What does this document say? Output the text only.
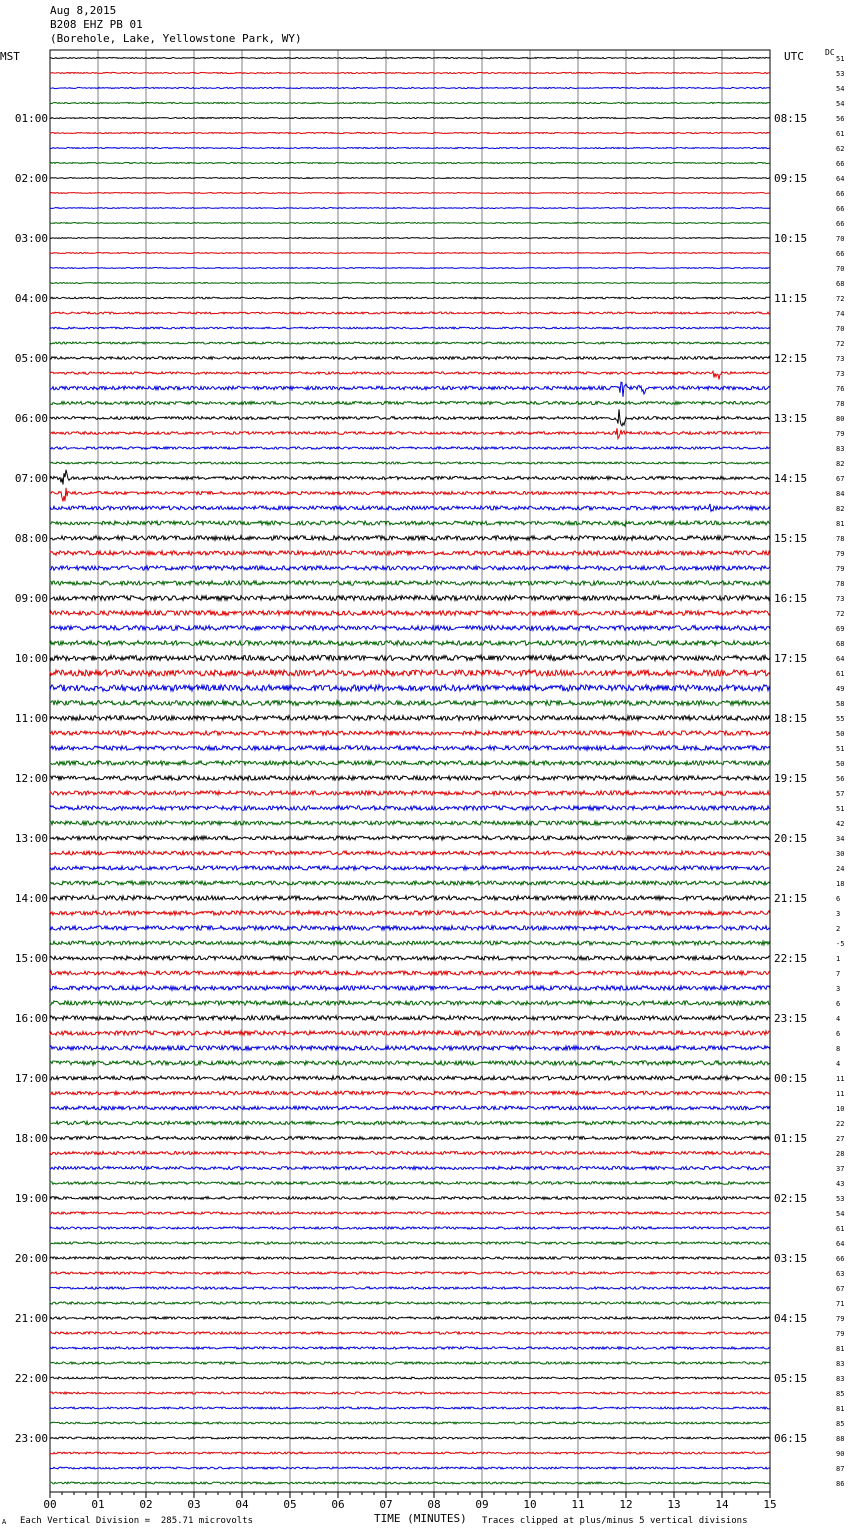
Aug 8,2015
B208 EHZ PB 01
(Borehole, Lake, Yellowstone Park, WY)
MST	UTC	DC
51
53
54
54
56
61
62
66
64
66
66
66
70
66
70
68
72
74
70
72
73
73
76
78
80
79
83
82
67
84
82
81
78
79
79
78
73
72
69
68
64
61
49
58
55
50
51
50
56
57
51
42
34
30
24
18
6
3
2
-5
1
7
3
6
4
6
8
4
11
11
10
22
27
28
37
43
53
54
61
64
66
63
67
71
79
79
81
83
83
85
81
85
88
90
87
86
01:00	08:15
02:00	09:15
03:00	10:15
04:00	11:15
05:00	12:15
06:00	13:15
07:00	14:15
08:00	15:15
09:00	16:15
10:00	17:15
11:00	18:15
12:00	19:15
13:00	20:15
14:00	21:15
15:00	22:15
16:00	23:15
17:00	00:15
18:00	01:15
19:00	02:15
20:00	03:15
21:00	04:15
22:00	05:15
23:00	06:15
00	01	02	03	04	05	06	07	08	09	10	11	12	13	14	15
A Each Vertical Division =  285.71 microvolts	TIME (MINUTES) Traces clipped at plus/minus 5 vertical divisions
